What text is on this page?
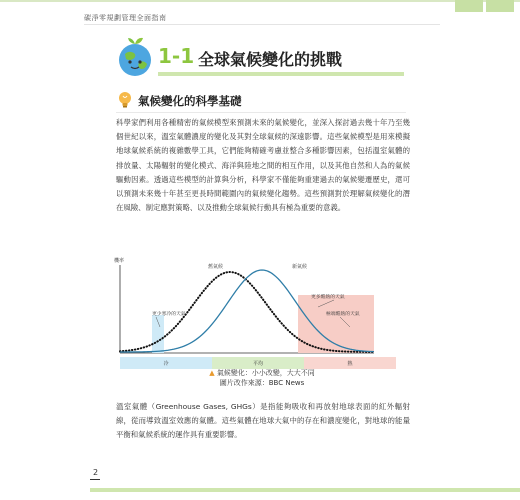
碳淨零規劃管理全面指南
1-1 全球氣候變化的挑戰
氣候變化的科學基礎
科學家們利用各種精密的氣候模型來預測未來的氣候變化，並深入探討過去幾十年乃至幾個世紀以來，溫室氣體濃度的變化及其對全球氣候的深遠影響。這些氣候模型是用來模擬地球氣候系統的複雜數學工具，它們能夠精確考慮並整合多種影響因素，包括溫室氣體的排放量、太陽輻射的變化模式、海洋與陸地之間的相互作用，以及其他自然和人為的氣候驅動因素。透過這些模型的計算與分析，科學家不僅能夠重建過去的氣候變遷歷史，還可以預測未來幾十年甚至更長時間範圍內的氣候變化趨勢。這些預測對於理解氣候變化的潛在風險、制定應對策略、以及推動全球氣候行動具有極為重要的意義。
機率
舊氣候	新氣候
更少寒冷的天氣
更多酷熱的天氣
極端酷熱的天氣
冷	平均	熱
▲ 氣候變化：小小改變，大大不同
圖片改作來源：BBC News
溫室氣體（Greenhouse Gases, GHGs）是指能夠吸收和再放射地球表面的紅外輻射線，從而導致溫室效應的氣體。這些氣體在地球大氣中的存在和濃度變化，對地球的能量平衡和氣候系統的運作具有重要影響。
2
